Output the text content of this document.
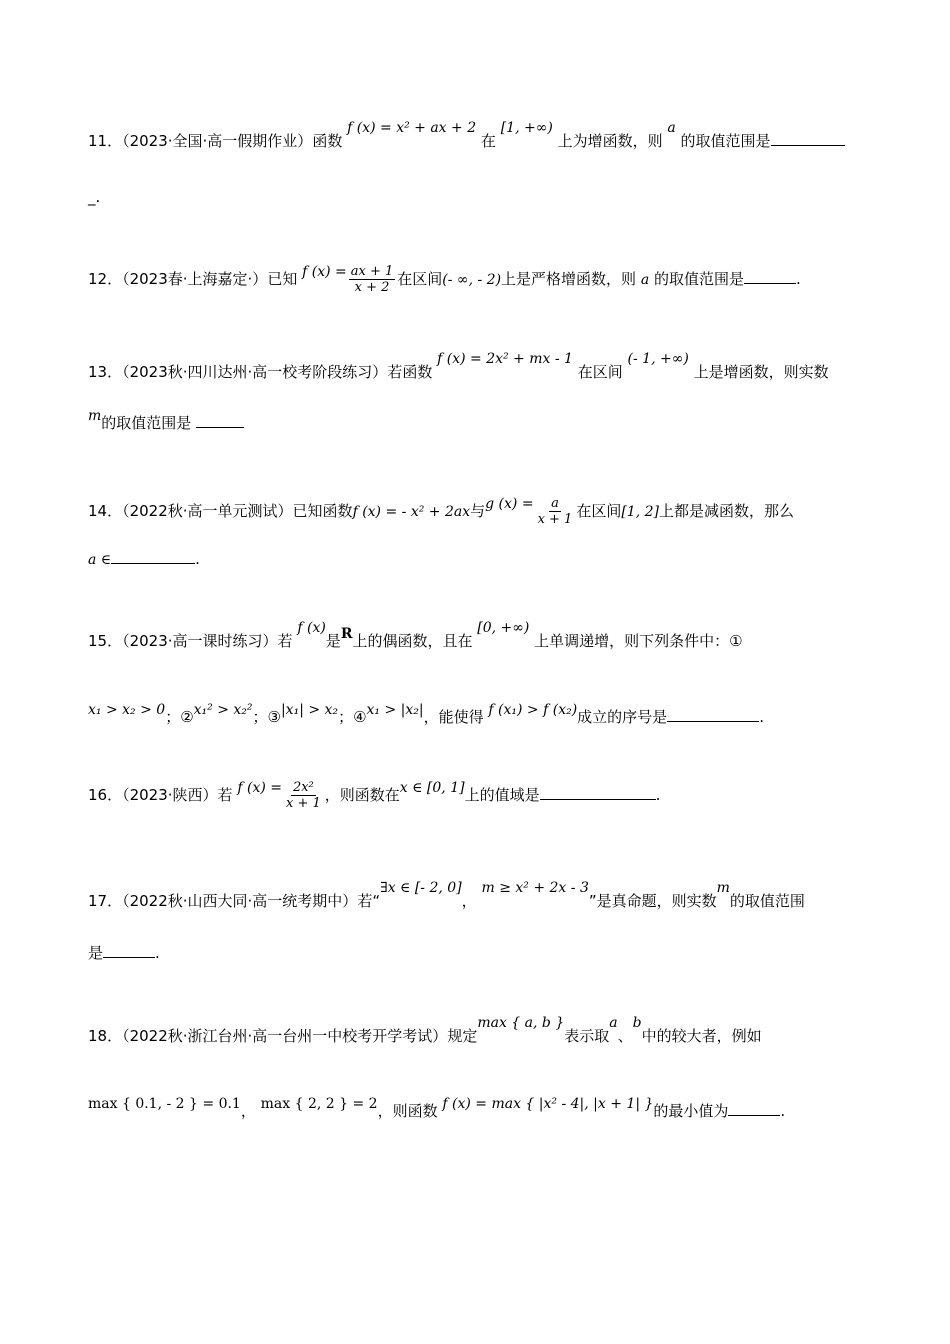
11．（2023·全国·高一假期作业）函数 f (x) = x² + ax + 2 在 [1, +∞) 上为增函数，则 a 的取值范围是
_.
12．（2023春·上海嘉定·）已知 f $(x) = \frac{ax + 1}{x + 2}$ 在区间(- ∞, - 2)上是严格增函数，则 a 的取值范围是	.
13．（2023秋·四川达州·高一校考阶段练习）若函数 f (x) = 2x² + mx - 1 在区间 (- 1, +∞) 上是增函数，则实数
m的取值范围是
14．（2022秋·高一单元测试）已知函数f (x) = - x² + 2ax与g $(x) = \frac{a}{x + 1}$ 在区间[1, 2]上都是减函数，那么
a ∈	.
15．（2023·高一课时练习）若 f (x)是R上的偶函数，且在 [0, +∞) 上单调递增，则下列条件中：①
x₁ > x₂ > 0；②x₁² > x₂²；③|x₁| > x₂；④x₁ > |x₂|，能使得 f (x₁) > f (x₂)成立的序号是	.
16．（2023·陕西）若 f $(x) = \frac{\text{2x²}}{x + 1}$ ，则函数在x ∈ [0, 1]上的值域是	.
17．（2022秋·山西大同·高一统考期中）若“∃x ∈ [- 2, 0]， m ≥ x² + 2x - 3”是真命题，则实数m的取值范围
是	.
18．（2022秋·浙江台州·高一台州一中校考开学考试）规定max { a, b }表示取a、b中的较大者，例如
max { 0.1, - 2 } = 0.1， max { 2, 2 } = 2，则函数 f (x) = max { |x² - 4|, |x + 1| }的最小值为	.
